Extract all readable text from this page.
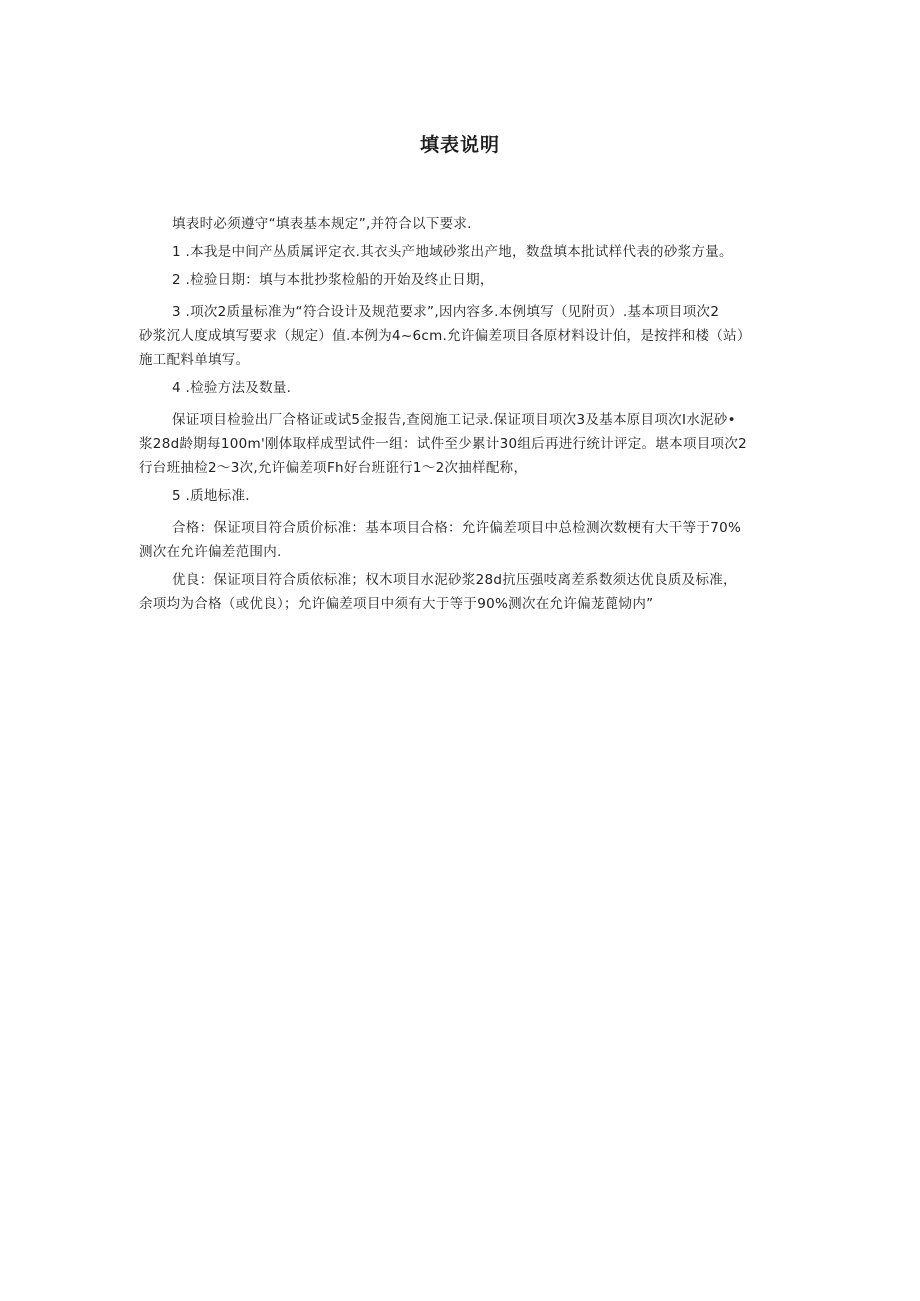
填表说明
填表时必须遵守“填表基本规定”,并符合以下要求.
1 .本我是中间产丛质属评定衣.其衣头产地域砂浆出产地，数盘填本批试样代表的砂浆方量。
2 .检验日期：填与本批抄浆检船的开始及终止日期，
3 .项次2质量标准为“符合设计及规范要求”,因内容多.本例填写（见附页）.基本项目项次2
砂浆沉人度成填写要求（规定）值.本例为4~6cm.允许偏差项目各原材料设计伯，是按拌和楼（站）
施工配料单填写。
4 .检验方法及数量.
保证项目检验出厂合格证或试5金报告,查阅施工记录.保证项目项次3及基本原目项次I水泥砂•
浆28d龄期每100m'刚体取样成型试件一组：试件至少累计30组后再进行统计评定。堪本项目项次2
行台班抽检2～3次,允许偏差项Fh好台班诳行1～2次抽样配称，
5 .质地标准.
合格：保证项目符合质价标准：基本项目合格：允许偏差项目中总检测次数梗有大干等于70%
测次在允许偏差范围内.
优良：保证项目符合质依标准；权木项目水泥砂浆28d抗压强吱离差系数须达优良质及标准，
余项均为合格（或优良）；允许偏差项目中须有大于等于90%测次在允许偏茏蓖恸内”
